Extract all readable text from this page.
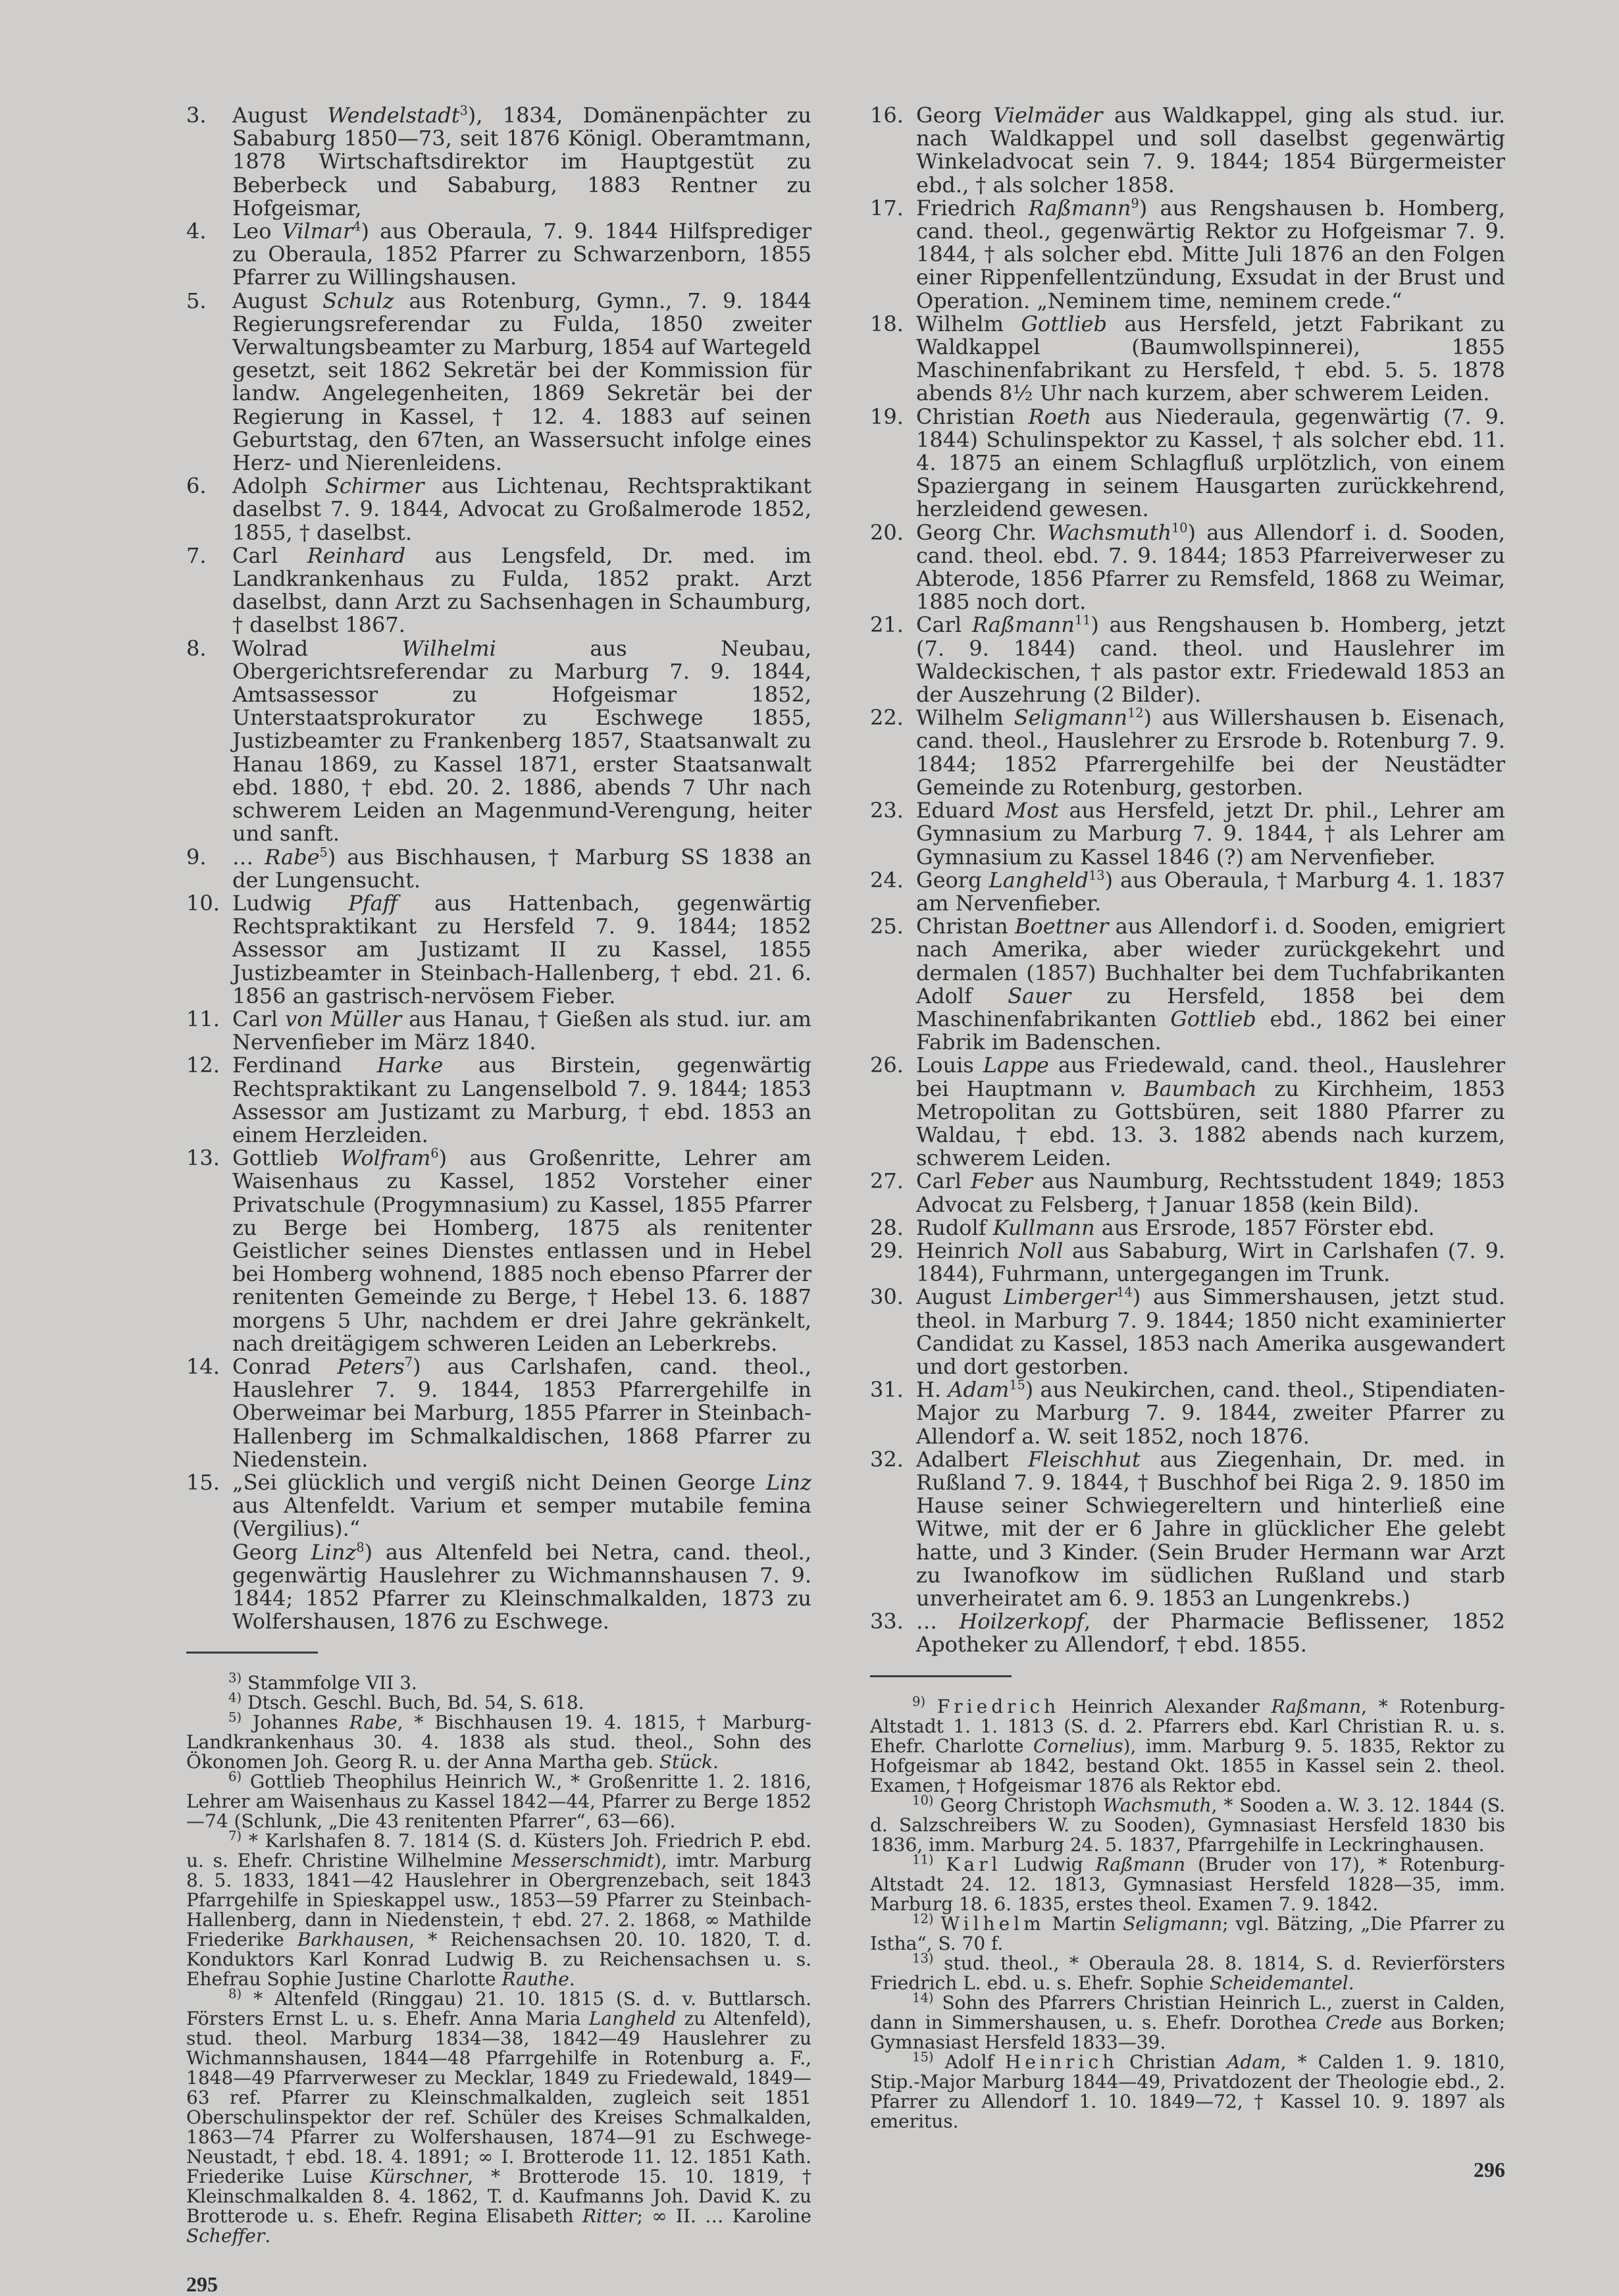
3.	August Wendelstadt$^3$), 1834, Domänenpächter zu Sababurg 1850—73, seit 1876 Königl. Oberamtmann, 1878 Wirtschaftsdirektor im Hauptgestüt zu Beberbeck und Sababurg, 1883 Rentner zu Hofgeismar,
4.	Leo Vilmar$^4$) aus Oberaula, 7. 9. 1844 Hilfsprediger zu Oberaula, 1852 Pfarrer zu Schwarzenborn, 1855 Pfarrer zu Willingshausen.
5.	August Schulz aus Rotenburg, Gymn., 7. 9. 1844 Regierungsreferendar zu Fulda, 1850 zweiter Verwaltungsbeamter zu Marburg, 1854 auf Wartegeld gesetzt, seit 1862 Sekretär bei der Kommission für landw. Angelegenheiten, 1869 Sekretär bei der Regierung in Kassel, † 12. 4. 1883 auf seinen Geburtstag, den 67ten, an Wassersucht infolge eines Herz- und Nierenleidens.
6.	Adolph Schirmer aus Lichtenau, Rechtspraktikant daselbst 7. 9. 1844, Advocat zu Großalmerode 1852, 1855, † daselbst.
7.	Carl Reinhard aus Lengsfeld, Dr. med. im Landkrankenhaus zu Fulda, 1852 prakt. Arzt daselbst, dann Arzt zu Sachsenhagen in Schaumburg, † daselbst 1867.
8.	Wolrad Wilhelmi aus Neubau, Obergerichtsreferendar zu Marburg 7. 9. 1844, Amtsassessor zu Hofgeismar 1852, Unterstaatsprokurator zu Eschwege 1855, Justizbeamter zu Frankenberg 1857, Staatsanwalt zu Hanau 1869, zu Kassel 1871, erster Staatsanwalt ebd. 1880, † ebd. 20. 2. 1886, abends 7 Uhr nach schwerem Leiden an Magenmund-Verengung, heiter und sanft.
9.	… Rabe$^5$) aus Bischhausen, † Marburg SS 1838 an der Lungensucht.
10. Ludwig Pfaff aus Hattenbach, gegenwärtig Rechtspraktikant zu Hersfeld 7. 9. 1844; 1852 Assessor am Justizamt II zu Kassel, 1855 Justizbeamter in Steinbach-Hallenberg, † ebd. 21. 6. 1856 an gastrisch-nervösem Fieber.
11. Carl von Müller aus Hanau, † Gießen als stud. iur. am Nervenfieber im März 1840.
12. Ferdinand Harke aus Birstein, gegenwärtig Rechtspraktikant zu Langenselbold 7. 9. 1844; 1853 Assessor am Justizamt zu Marburg, † ebd. 1853 an einem Herzleiden.
13. Gottlieb Wolfram$^6$) aus Großenritte, Lehrer am Waisenhaus zu Kassel, 1852 Vorsteher einer Privatschule (Progymnasium) zu Kassel, 1855 Pfarrer zu Berge bei Homberg, 1875 als renitenter Geistlicher seines Dienstes entlassen und in Hebel bei Homberg wohnend, 1885 noch ebenso Pfarrer der renitenten Gemeinde zu Berge, † Hebel 13. 6. 1887 morgens 5 Uhr, nachdem er drei Jahre gekränkelt, nach dreitägigem schweren Leiden an Leberkrebs.
14. Conrad Peters$^7$) aus Carlshafen, cand. theol., Hauslehrer 7. 9. 1844, 1853 Pfarrergehilfe in Oberweimar bei Marburg, 1855 Pfarrer in Steinbach-Hallenberg im Schmalkaldischen, 1868 Pfarrer zu Niedenstein.
15. „Sei glücklich und vergiß nicht Deinen George Linz aus Altenfeldt. Varium et semper mutabile femina (Vergilius).“
Georg Linz$^8$) aus Altenfeld bei Netra, cand. theol., gegenwärtig Hauslehrer zu Wichmannshausen 7. 9. 1844; 1852 Pfarrer zu Kleinschmalkalden, 1873 zu Wolfershausen, 1876 zu Eschwege.
$^{3)}$ Stammfolge VII 3.
$^{4)}$ Dtsch. Geschl. Buch, Bd. 54, S. 618.
$^{5)}$ Johannes Rabe, * Bischhausen 19. 4. 1815, † Marburg-Landkrankenhaus 30. 4. 1838 als stud. theol., Sohn des Ökonomen Joh. Georg R. u. der Anna Martha geb. Stück.
$^{6)}$ Gottlieb Theophilus Heinrich W., * Großenritte 1. 2. 1816, Lehrer am Waisenhaus zu Kassel 1842—44, Pfarrer zu Berge 1852—74 (Schlunk, „Die 43 renitenten Pfarrer“, 63—66).
$^{7)}$ * Karlshafen 8. 7. 1814 (S. d. Küsters Joh. Friedrich P. ebd. u. s. Ehefr. Christine Wilhelmine Messerschmidt), imtr. Marburg 8. 5. 1833, 1841—42 Hauslehrer in Obergrenzebach, seit 1843 Pfarrgehilfe in Spieskappel usw., 1853—59 Pfarrer zu Steinbach-Hallenberg, dann in Niedenstein, † ebd. 27. 2. 1868, ∞ Mathilde Friederike Barkhausen, * Reichensachsen 20. 10. 1820, T. d. Konduktors Karl Konrad Ludwig B. zu Reichensachsen u. s. Ehefrau Sophie Justine Charlotte Rauthe.
$^{8)}$ * Altenfeld (Ringgau) 21. 10. 1815 (S. d. v. Buttlarsch. Försters Ernst L. u. s. Ehefr. Anna Maria Langheld zu Altenfeld), stud. theol. Marburg 1834—38, 1842—49 Hauslehrer zu Wichmannshausen, 1844—48 Pfarrgehilfe in Rotenburg a. F., 1848—49 Pfarrverweser zu Mecklar, 1849 zu Friedewald, 1849—63 ref. Pfarrer zu Kleinschmalkalden, zugleich seit 1851 Oberschulinspektor der ref. Schüler des Kreises Schmalkalden, 1863—74 Pfarrer zu Wolfershausen, 1874—91 zu Eschwege-Neustadt, † ebd. 18. 4. 1891; ∞ I. Brotterode 11. 12. 1851 Kath. Friederike Luise Kürschner, * Brotterode 15. 10. 1819, † Kleinschmalkalden 8. 4. 1862, T. d. Kaufmanns Joh. David K. zu Brotterode u. s. Ehefr. Regina Elisabeth Ritter; ∞ II. … Karoline Scheffer.
295
16. Georg Vielmäder aus Waldkappel, ging als stud. iur. nach Waldkappel und soll daselbst gegenwärtig Winkeladvocat sein 7. 9. 1844; 1854 Bürgermeister ebd., † als solcher 1858.
17. Friedrich Raßmann$^9$) aus Rengshausen b. Homberg, cand. theol., gegenwärtig Rektor zu Hofgeismar 7. 9. 1844, † als solcher ebd. Mitte Juli 1876 an den Folgen einer Rippenfellentzündung, Exsudat in der Brust und Operation. „Neminem time, neminem crede.“
18. Wilhelm Gottlieb aus Hersfeld, jetzt Fabrikant zu Waldkappel (Baumwollspinnerei), 1855 Maschinenfabrikant zu Hersfeld, † ebd. 5. 5. 1878 abends 8½ Uhr nach kurzem, aber schwerem Leiden.
19. Christian Roeth aus Niederaula, gegenwärtig (7. 9. 1844) Schulinspektor zu Kassel, † als solcher ebd. 11. 4. 1875 an einem Schlagfluß urplötzlich, von einem Spaziergang in seinem Hausgarten zurückkehrend, herzleidend gewesen.
20. Georg Chr. Wachsmuth$^{10}$) aus Allendorf i. d. Sooden, cand. theol. ebd. 7. 9. 1844; 1853 Pfarreiverweser zu Abterode, 1856 Pfarrer zu Remsfeld, 1868 zu Weimar, 1885 noch dort.
21. Carl Raßmann$^{11}$) aus Rengshausen b. Homberg, jetzt (7. 9. 1844) cand. theol. und Hauslehrer im Waldeckischen, † als pastor extr. Friedewald 1853 an der Auszehrung (2 Bilder).
22. Wilhelm Seligmann$^{12}$) aus Willershausen b. Eisenach, cand. theol., Hauslehrer zu Ersrode b. Rotenburg 7. 9. 1844; 1852 Pfarrergehilfe bei der Neustädter Gemeinde zu Rotenburg, gestorben.
23. Eduard Most aus Hersfeld, jetzt Dr. phil., Lehrer am Gymnasium zu Marburg 7. 9. 1844, † als Lehrer am Gymnasium zu Kassel 1846 (?) am Nervenfieber.
24. Georg Langheld$^{13}$) aus Oberaula, † Marburg 4. 1. 1837 am Nervenfieber.
25. Christan Boettner aus Allendorf i. d. Sooden, emigriert nach Amerika, aber wieder zurückgekehrt und dermalen (1857) Buchhalter bei dem Tuchfabrikanten Adolf Sauer zu Hersfeld, 1858 bei dem Maschinenfabrikanten Gottlieb ebd., 1862 bei einer Fabrik im Badenschen.
26. Louis Lappe aus Friedewald, cand. theol., Hauslehrer bei Hauptmann v. Baumbach zu Kirchheim, 1853 Metropolitan zu Gottsbüren, seit 1880 Pfarrer zu Waldau, † ebd. 13. 3. 1882 abends nach kurzem, schwerem Leiden.
27. Carl Feber aus Naumburg, Rechtsstudent 1849; 1853 Advocat zu Felsberg, † Januar 1858 (kein Bild).
28. Rudolf Kullmann aus Ersrode, 1857 Förster ebd.
29. Heinrich Noll aus Sababurg, Wirt in Carlshafen (7. 9. 1844), Fuhrmann, untergegangen im Trunk.
30. August Limberger$^{14}$) aus Simmershausen, jetzt stud. theol. in Marburg 7. 9. 1844; 1850 nicht examinierter Candidat zu Kassel, 1853 nach Amerika ausgewandert und dort gestorben.
31. H. Adam$^{15}$) aus Neukirchen, cand. theol., Stipendiaten-Major zu Marburg 7. 9. 1844, zweiter Pfarrer zu Allendorf a. W. seit 1852, noch 1876.
32. Adalbert Fleischhut aus Ziegenhain, Dr. med. in Rußland 7. 9. 1844, † Buschhof bei Riga 2. 9. 1850 im Hause seiner Schwiegereltern und hinterließ eine Witwe, mit der er 6 Jahre in glücklicher Ehe gelebt hatte, und 3 Kinder. (Sein Bruder Hermann war Arzt zu Iwanofkow im südlichen Rußland und starb unverheiratet am 6. 9. 1853 an Lungenkrebs.)
33. … Hoilzerkopf, der Pharmacie Beflissener, 1852 Apotheker zu Allendorf, † ebd. 1855.
$^{9)}$ Friedrich Heinrich Alexander Raßmann, * Rotenburg-Altstadt 1. 1. 1813 (S. d. 2. Pfarrers ebd. Karl Christian R. u. s. Ehefr. Charlotte Cornelius), imm. Marburg 9. 5. 1835, Rektor zu Hofgeismar ab 1842, bestand Okt. 1855 in Kassel sein 2. theol. Examen, † Hofgeismar 1876 als Rektor ebd.
$^{10)}$ Georg Christoph Wachsmuth, * Sooden a. W. 3. 12. 1844 (S. d. Salzschreibers W. zu Sooden), Gymnasiast Hersfeld 1830 bis 1836, imm. Marburg 24. 5. 1837, Pfarrgehilfe in Leckringhausen.
$^{11)}$ Karl Ludwig Raßmann (Bruder von 17), * Rotenburg-Altstadt 24. 12. 1813, Gymnasiast Hersfeld 1828—35, imm. Marburg 18. 6. 1835, erstes theol. Examen 7. 9. 1842.
$^{12)}$ Wilhelm Martin Seligmann; vgl. Bätzing, „Die Pfarrer zu Istha“, S. 70 f.
$^{13)}$ stud. theol., * Oberaula 28. 8. 1814, S. d. Revierförsters Friedrich L. ebd. u. s. Ehefr. Sophie Scheidemantel.
$^{14)}$ Sohn des Pfarrers Christian Heinrich L., zuerst in Calden, dann in Simmershausen, u. s. Ehefr. Dorothea Crede aus Borken; Gymnasiast Hersfeld 1833—39.
$^{15)}$ Adolf Heinrich Christian Adam, * Calden 1. 9. 1810, Stip.-Major Marburg 1844—49, Privatdozent der Theologie ebd., 2. Pfarrer zu Allendorf 1. 10. 1849—72, † Kassel 10. 9. 1897 als emeritus.
296
